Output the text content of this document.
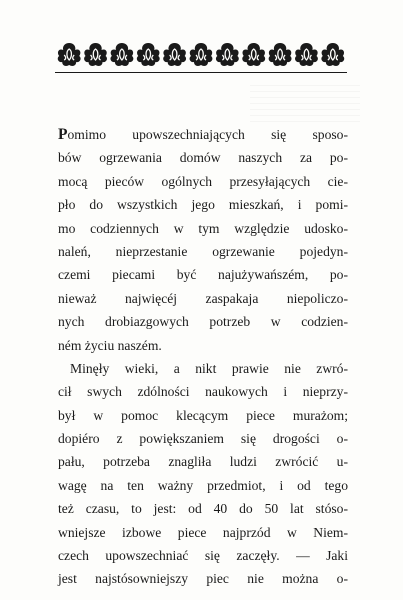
Pomimo upowszechniających się sposo-
bów ogrzewania domów naszych za po-
mocą pieców ogólnych przesyłających cie-
pło do wszystkich jego mieszkań, i pomi-
mo codziennych w tym względzie udosko-
naleń, nieprzestanie ogrzewanie pojedyn-
czemi piecami być najużywańszém, po-
nieważ najwięcéj zaspakaja niepoliczo-
nych drobiazgowych potrzeb w codzien-
ném życiu naszém.
Minęły wieki, a nikt prawie nie zwró-
cił swych zdólności naukowych i nieprzy-
był w pomoc klecącym piece murażom;
dopiéro z powiększaniem się drogości o-
pału, potrzeba znagliła ludzi zwrócić u-
wagę na ten ważny przedmiot, i od tego
też czasu, to jest: od 40 do 50 lat stóso-
wniejsze izbowe piece najprzód w Niem-
czech upowszechniać się zaczęły. — Jaki
jest najstósowniejszy piec nie można o-
